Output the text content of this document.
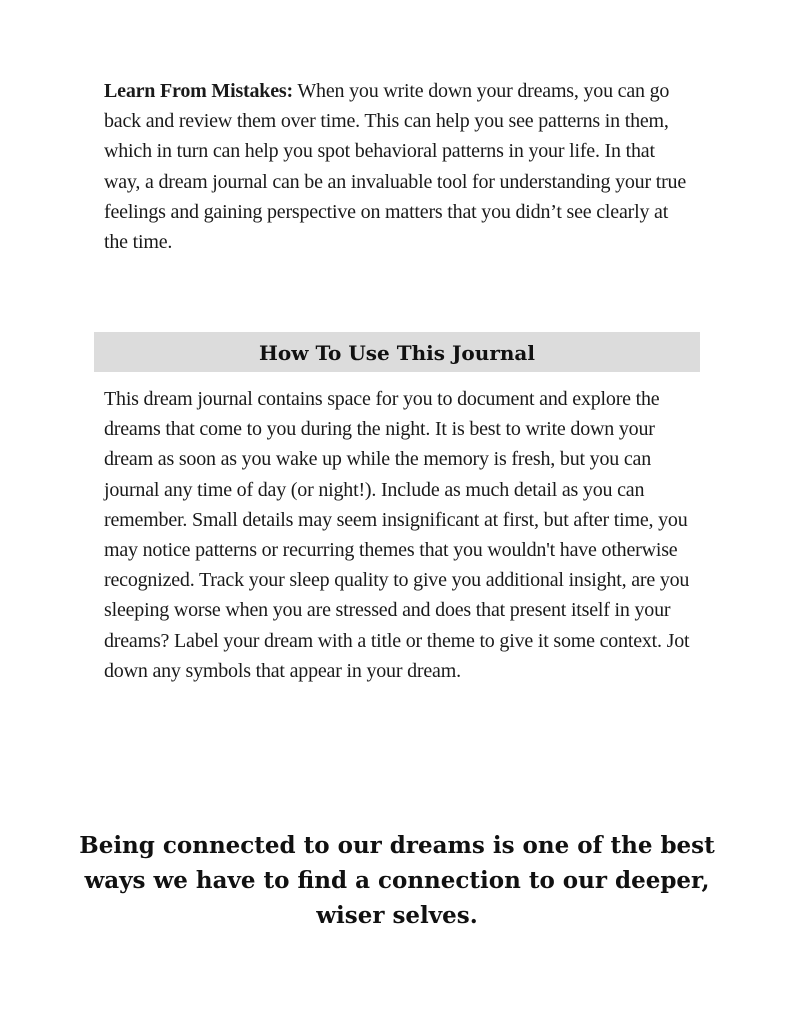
Learn From Mistakes: When you write down your dreams, you can go back and review them over time. This can help you see patterns in them, which in turn can help you spot behavioral patterns in your life. In that way, a dream journal can be an invaluable tool for understanding your true feelings and gaining perspective on matters that you didn’t see clearly at the time.

How To Use This Journal

This dream journal contains space for you to document and explore the dreams that come to you during the night. It is best to write down your dream as soon as you wake up while the memory is fresh, but you can journal any time of day (or night!). Include as much detail as you can remember. Small details may seem insignificant at first, but after time, you may notice patterns or recurring themes that you wouldn't have otherwise recognized. Track your sleep quality to give you additional insight, are you sleeping worse when you are stressed and does that present itself in your dreams? Label your dream with a title or theme to give it some context. Jot down any symbols that appear in your dream.

Being connected to our dreams is one of the best ways we have to find a connection to our deeper, wiser selves.
